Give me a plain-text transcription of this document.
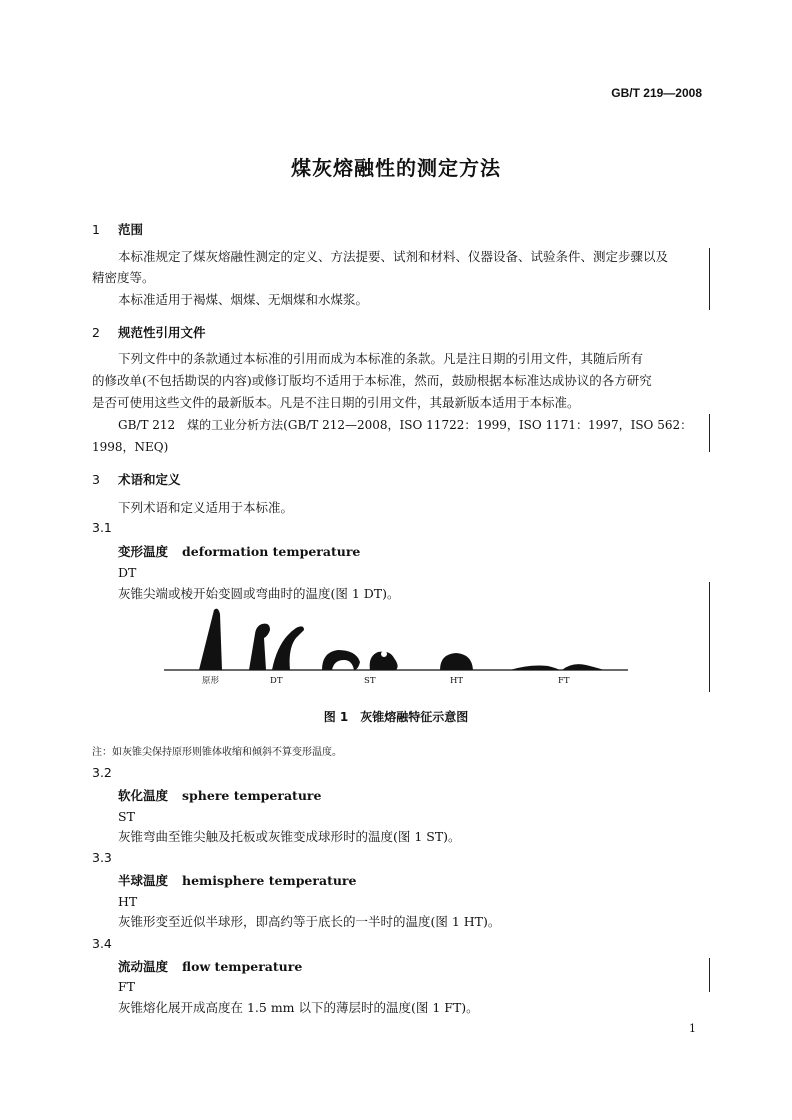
GB/T 219—2008
煤灰熔融性的测定方法
1 范围
本标准规定了煤灰熔融性测定的定义、方法提要、试剂和材料、仪器设备、试验条件、测定步骤以及
精密度等。
本标准适用于褐煤、烟煤、无烟煤和水煤浆。
2 规范性引用文件
下列文件中的条款通过本标准的引用而成为本标准的条款。凡是注日期的引用文件，其随后所有
的修改单(不包括勘误的内容)或修订版均不适用于本标准，然而，鼓励根据本标准达成协议的各方研究
是否可使用这些文件的最新版本。凡是不注日期的引用文件，其最新版本适用于本标准。
GB/T 212　煤的工业分析方法(GB/T 212—2008，ISO 11722：1999，ISO 1171：1997，ISO 562：
1998，NEQ)
3 术语和定义
下列术语和定义适用于本标准。
3.1
变形温度 deformation temperature
DT
灰锥尖端或棱开始变圆或弯曲时的温度(图 1 DT)。
原形	DT	ST	HT	FT
图 1　灰锥熔融特征示意图
注：如灰锥尖保持原形则锥体收缩和倾斜不算变形温度。
3.2
软化温度 sphere temperature
ST
灰锥弯曲至锥尖触及托板或灰锥变成球形时的温度(图 1 ST)。
3.3
半球温度 hemisphere temperature
HT
灰锥形变至近似半球形，即高约等于底长的一半时的温度(图 1 HT)。
3.4
流动温度 flow temperature
FT
灰锥熔化展开成高度在 1.5 mm 以下的薄层时的温度(图 1 FT)。
1
